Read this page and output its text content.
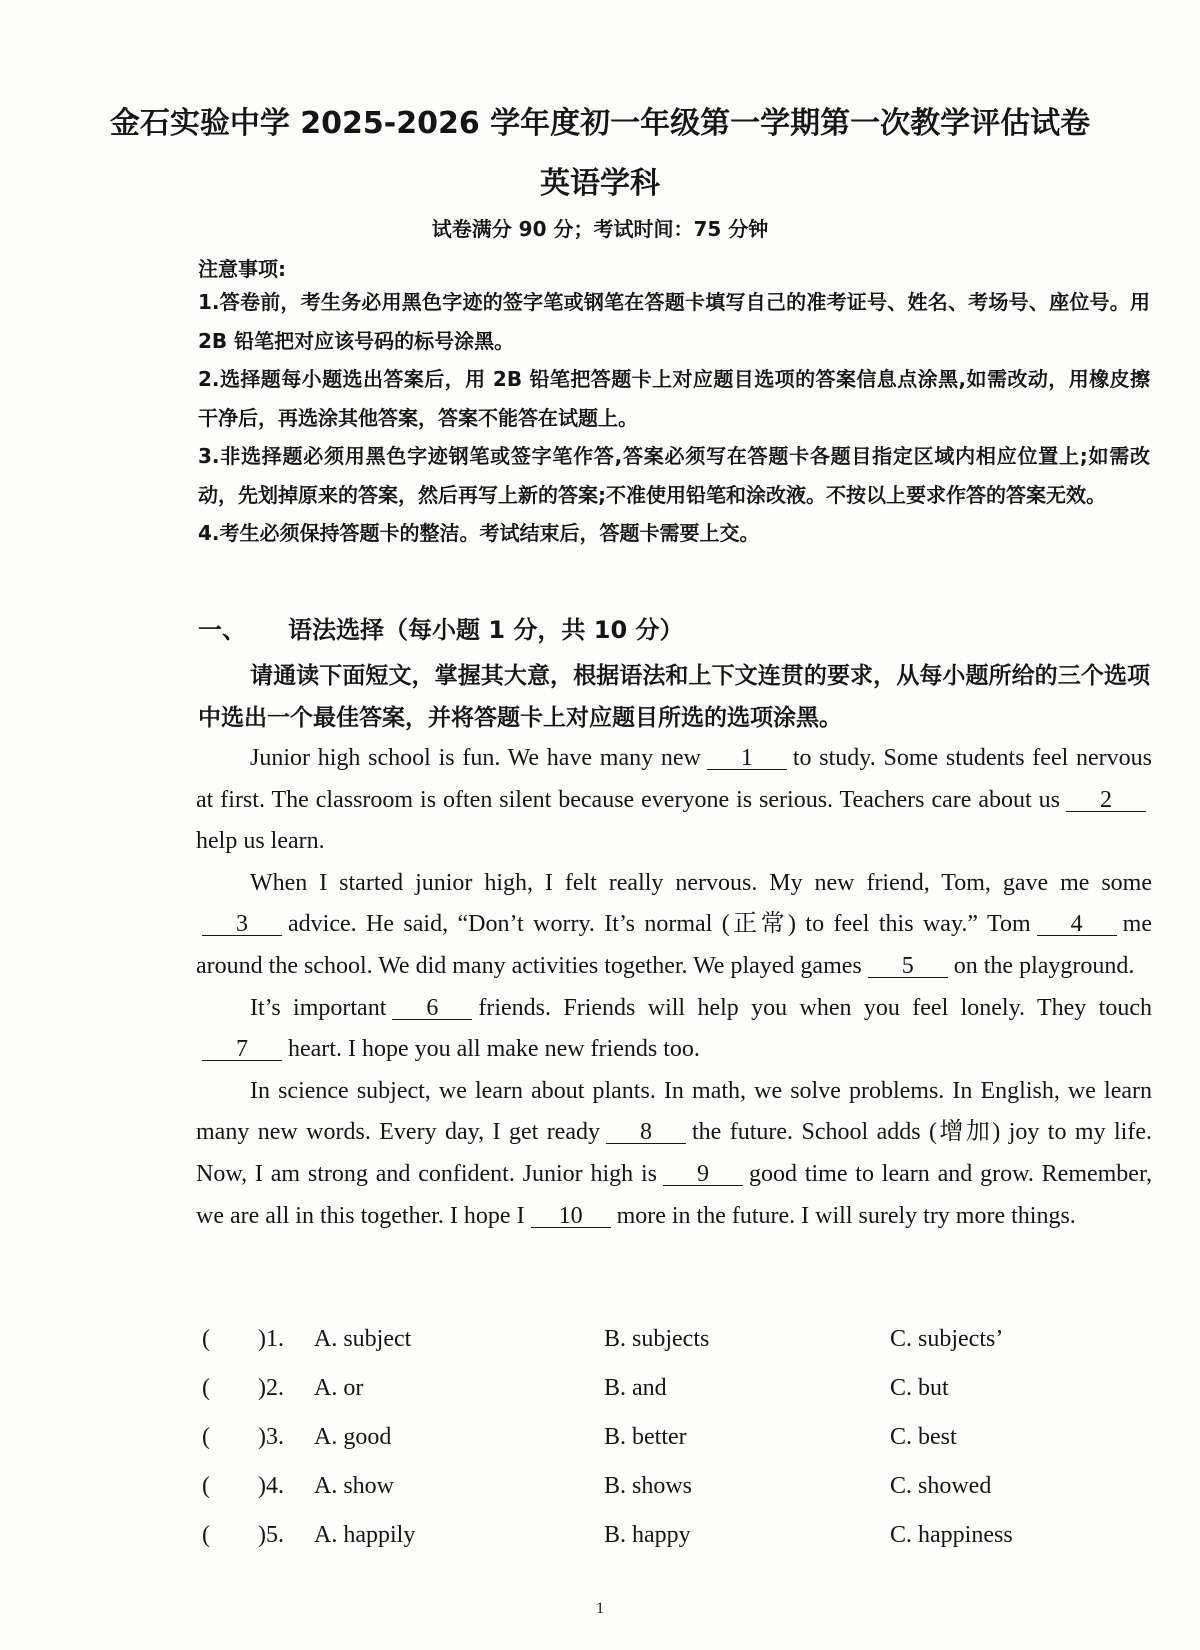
金石实验中学 2025-2026 学年度初一年级第一学期第一次教学评估试卷
英语学科
试卷满分 90 分；考试时间：75 分钟
注意事项:

1.答卷前，考生务必用黑色字迹的签字笔或钢笔在答题卡填写自己的准考证号、姓名、考场号、座位号。用 2B 铅笔把对应该号码的标号涂黑。

2.选择题每小题选出答案后，用 2B 铅笔把答题卡上对应题目选项的答案信息点涂黑,如需改动，用橡皮擦干净后，再选涂其他答案，答案不能答在试题上。

3.非选择题必须用黑色字迹钢笔或签字笔作答,答案必须写在答题卡各题目指定区域内相应位置上;如需改动，先划掉原来的答案，然后再写上新的答案;不准使用铅笔和涂改液。不按以上要求作答的答案无效。

4.考生必须保持答题卡的整洁。考试结束后，答题卡需要上交。

一、 语法选择（每小题 1 分，共 10 分）
请通读下面短文，掌握其大意，根据语法和上下文连贯的要求，从每小题所给的三个选项中选出一个最佳答案，并将答题卡上对应题目所选的选项涂黑。

Junior high school is fun. We have many new 1 to study. Some students feel nervous at first. The classroom is often silent because everyone is serious. Teachers care about us 2help us learn.

When I started junior high, I felt really nervous. My new friend, Tom, gave me some3 advice. He said, “Don’t worry. It’s normal (正常) to feel this way.” Tom 4 me around the school. We did many activities together. We played games 5 on the playground.

It’s important 6 friends. Friends will help you when you feel lonely. They touch7 heart. I hope you all make new friends too.

In science subject, we learn about plants. In math, we solve problems. In English, we learn many new words. Every day, I get ready 8 the future. School adds (增加) joy to my life. Now, I am strong and confident. Junior high is 9 good time to learn and grow. Remember, we are all in this together. I hope I 10 more in the future. I will surely try more things.

( )1. A. subject	B. subjects	C. subjects’
( )2. A. or	B. and	C. but
( )3. A. good	B. better	C. best
( )4. A. show	B. shows	C. showed
( )5. A. happily	B. happy	C. happiness
1
